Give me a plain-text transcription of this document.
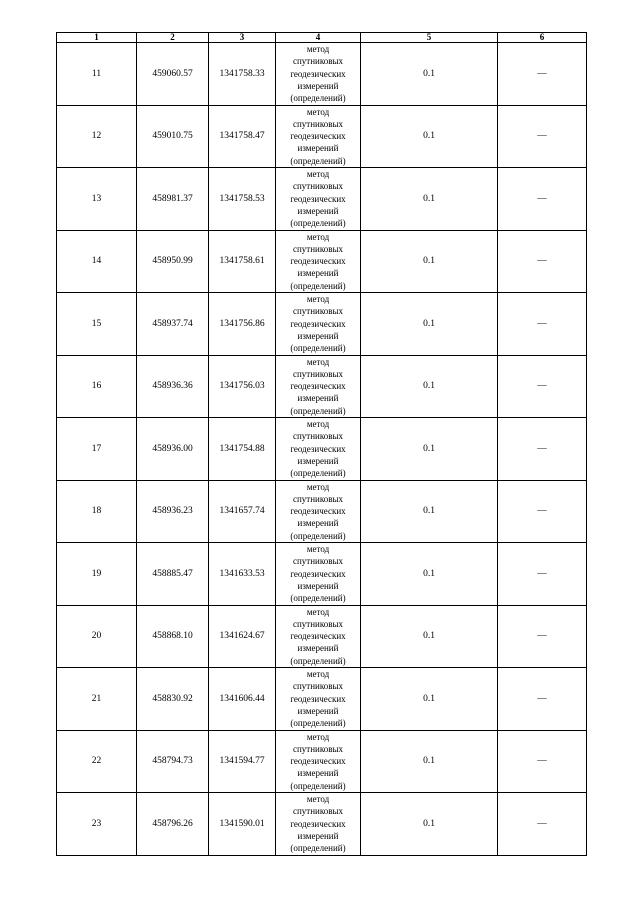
1	2	3	4	5	6
11	459060.57	1341758.33	метод
спутниковых
геодезических
измерений
(определений)	0.1	—
12	459010.75	1341758.47	метод
спутниковых
геодезических
измерений
(определений)	0.1	—
13	458981.37	1341758.53	метод
спутниковых
геодезических
измерений
(определений)	0.1	—
14	458950.99	1341758.61	метод
спутниковых
геодезических
измерений
(определений)	0.1	—
15	458937.74	1341756.86	метод
спутниковых
геодезических
измерений
(определений)	0.1	—
16	458936.36	1341756.03	метод
спутниковых
геодезических
измерений
(определений)	0.1	—
17	458936.00	1341754.88	метод
спутниковых
геодезических
измерений
(определений)	0.1	—
18	458936.23	1341657.74	метод
спутниковых
геодезических
измерений
(определений)	0.1	—
19	458885.47	1341633.53	метод
спутниковых
геодезических
измерений
(определений)	0.1	—
20	458868.10	1341624.67	метод
спутниковых
геодезических
измерений
(определений)	0.1	—
21	458830.92	1341606.44	метод
спутниковых
геодезических
измерений
(определений)	0.1	—
22	458794.73	1341594.77	метод
спутниковых
геодезических
измерений
(определений)	0.1	—
23	458796.26	1341590.01	метод
спутниковых
геодезических
измерений
(определений)	0.1	—
